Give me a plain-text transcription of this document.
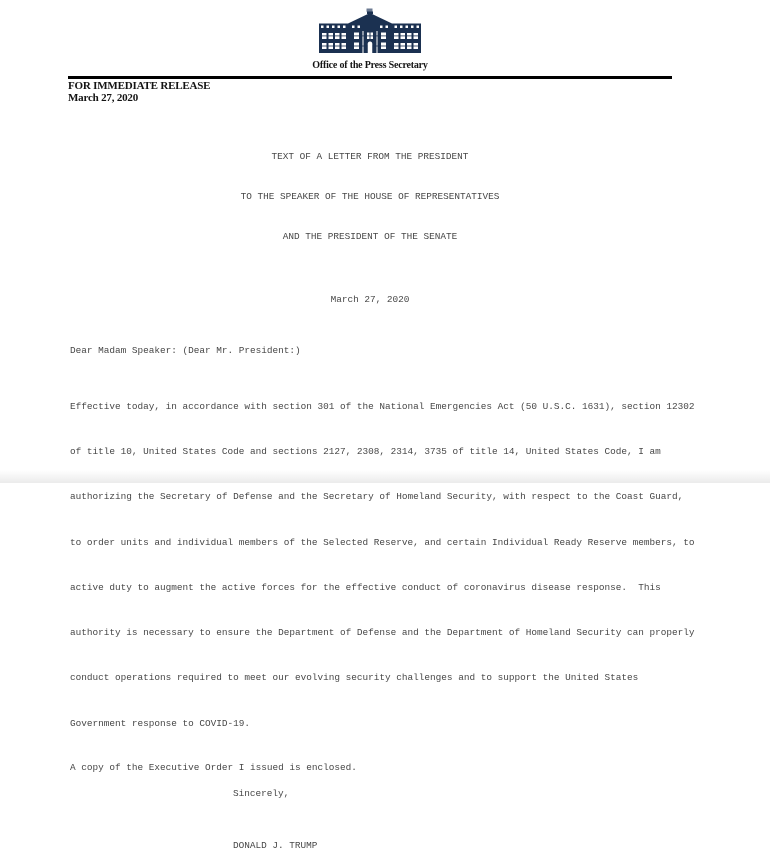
Office of the Press Secretary
FOR IMMEDIATE RELEASE
March 27, 2020

TEXT OF A LETTER FROM THE PRESIDENT

TO THE SPEAKER OF THE HOUSE OF REPRESENTATIVES

AND THE PRESIDENT OF THE SENATE

March 27, 2020
Dear Madam Speaker: (Dear Mr. President:)

Effective today, in accordance with section 301 of the National Emergencies Act (50 U.S.C. 1631), section 12302

of title 10, United States Code and sections 2127, 2308, 2314, 3735 of title 14, United States Code, I am

authorizing the Secretary of Defense and the Secretary of Homeland Security, with respect to the Coast Guard,

to order units and individual members of the Selected Reserve, and certain Individual Ready Reserve members, to

active duty to augment the active forces for the effective conduct of coronavirus disease response.  This

authority is necessary to ensure the Department of Defense and the Department of Homeland Security can properly

conduct operations required to meet our evolving security challenges and to support the United States

Government response to COVID-19.

A copy of the Executive Order I issued is enclosed.
Sincerely,
DONALD J. TRUMP
